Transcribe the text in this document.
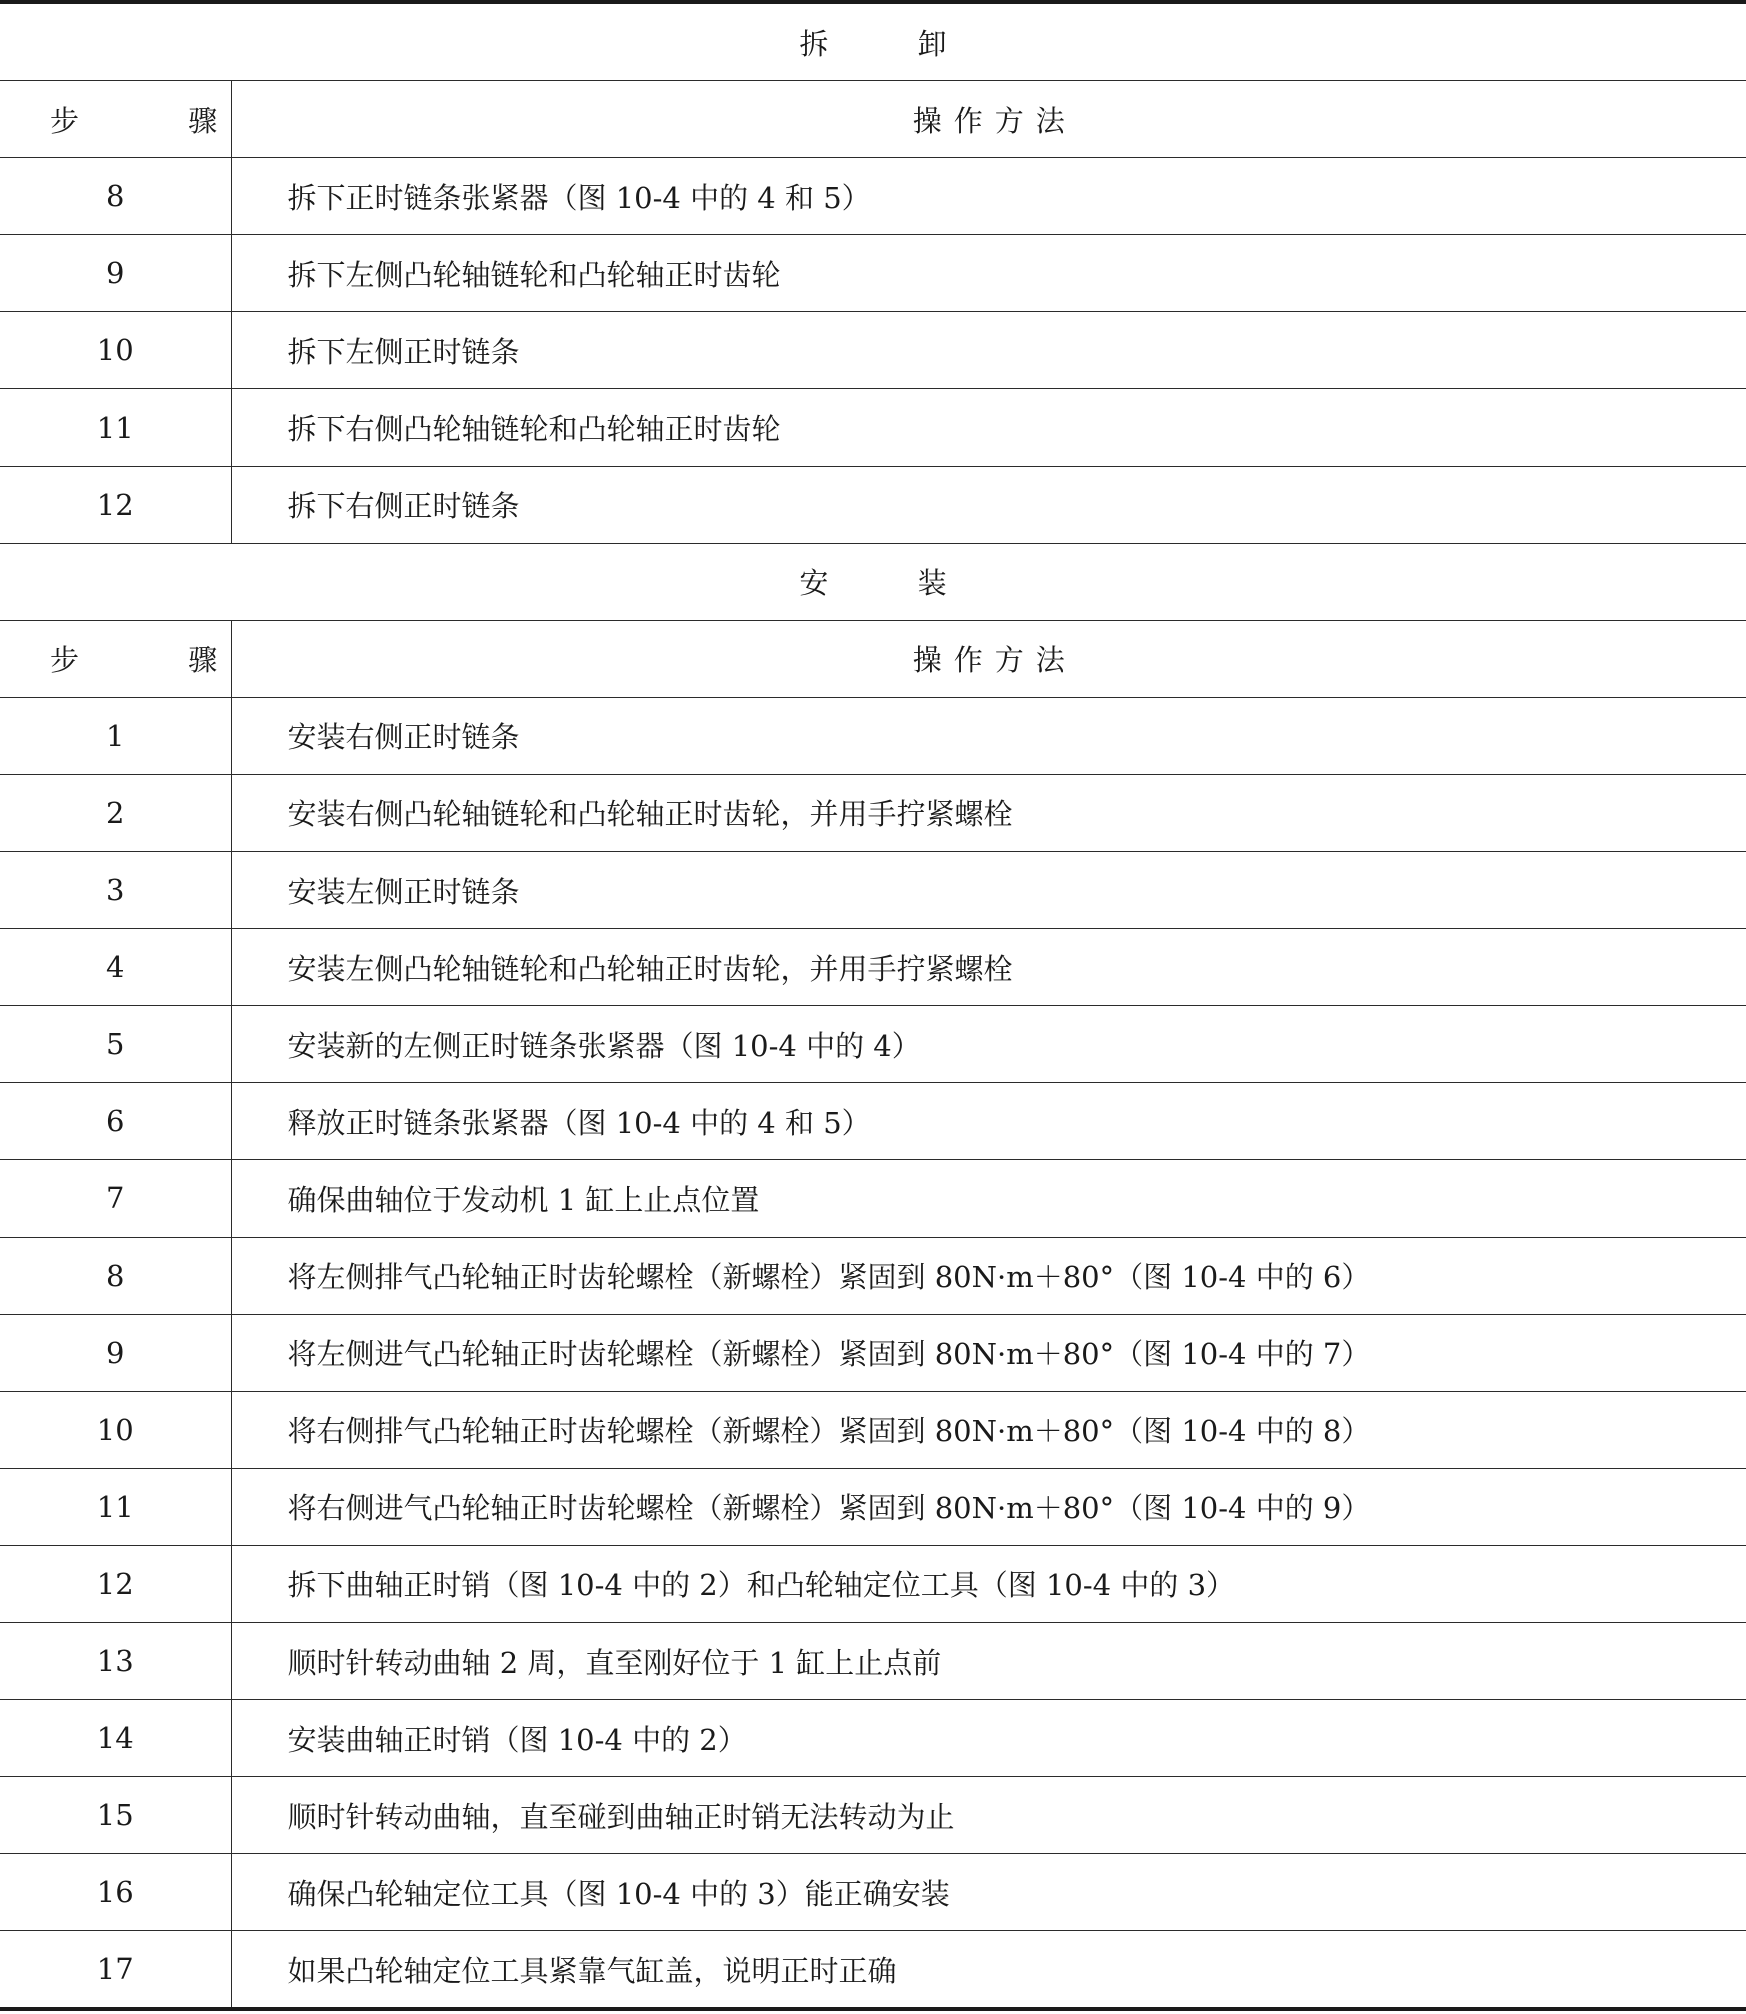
拆 卸	
步 骤	操作方法
8	拆下正时链条张紧器（图 10-4 中的 4 和 5）
9	拆下左侧凸轮轴链轮和凸轮轴正时齿轮
10	拆下左侧正时链条
11	拆下右侧凸轮轴链轮和凸轮轴正时齿轮
12	拆下右侧正时链条
安 装	
步 骤	操作方法
1	安装右侧正时链条
2	安装右侧凸轮轴链轮和凸轮轴正时齿轮，并用手拧紧螺栓
3	安装左侧正时链条
4	安装左侧凸轮轴链轮和凸轮轴正时齿轮，并用手拧紧螺栓
5	安装新的左侧正时链条张紧器（图 10-4 中的 4）
6	释放正时链条张紧器（图 10-4 中的 4 和 5）
7	确保曲轴位于发动机 1 缸上止点位置
8	将左侧排气凸轮轴正时齿轮螺栓（新螺栓）紧固到 80N·m＋80°（图 10-4 中的 6）
9	将左侧进气凸轮轴正时齿轮螺栓（新螺栓）紧固到 80N·m＋80°（图 10-4 中的 7）
10	将右侧排气凸轮轴正时齿轮螺栓（新螺栓）紧固到 80N·m＋80°（图 10-4 中的 8）
11	将右侧进气凸轮轴正时齿轮螺栓（新螺栓）紧固到 80N·m＋80°（图 10-4 中的 9）
12	拆下曲轴正时销（图 10-4 中的 2）和凸轮轴定位工具（图 10-4 中的 3）
13	顺时针转动曲轴 2 周，直至刚好位于 1 缸上止点前
14	安装曲轴正时销（图 10-4 中的 2）
15	顺时针转动曲轴，直至碰到曲轴正时销无法转动为止
16	确保凸轮轴定位工具（图 10-4 中的 3）能正确安装
17	如果凸轮轴定位工具紧靠气缸盖，说明正时正确
